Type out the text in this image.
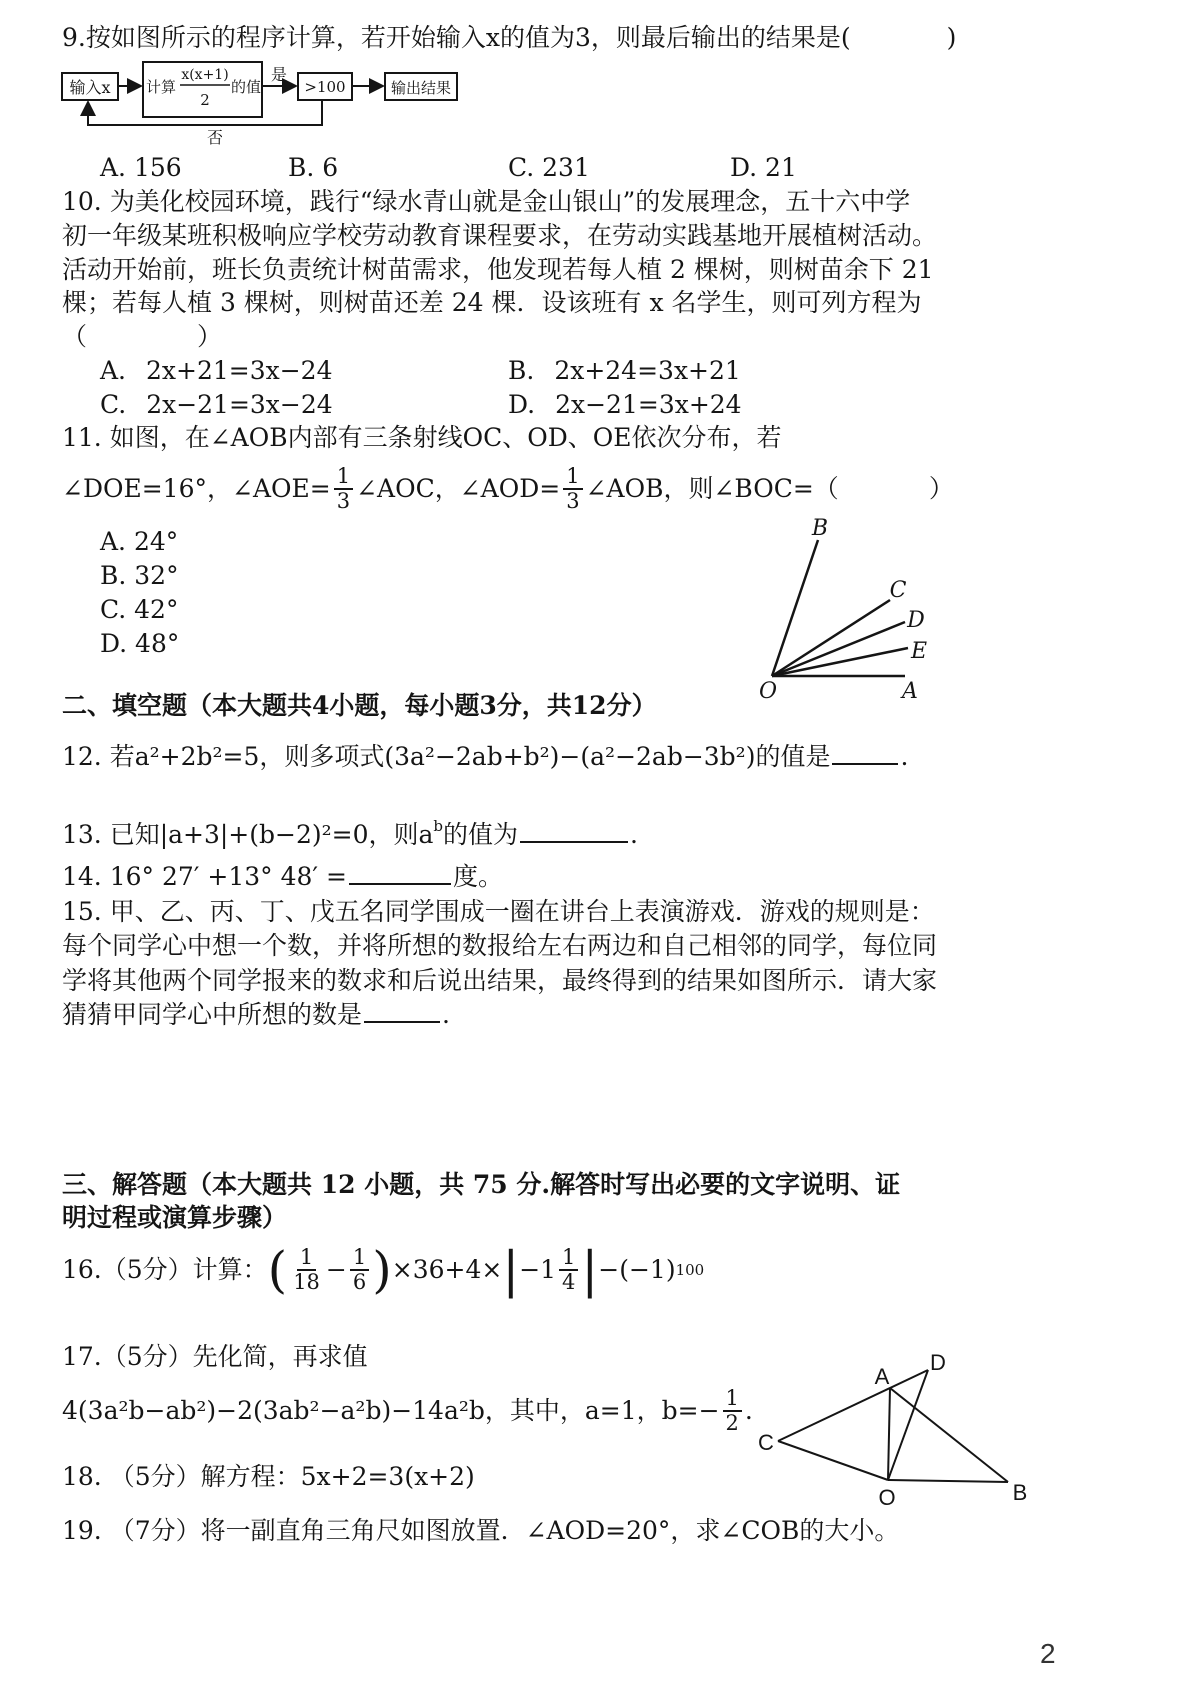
9.按如图所示的程序计算，若开始输入x的值为3，则最后输出的结果是(	)
输入x 计算
x(x+1)
2
的值
是
>100	输出结果
否
A. 156	B. 6	C. 231	D. 21
10. 为美化校园环境，践行“绿水青山就是金山银山”的发展理念，五十六中学
初一年级某班积极响应学校劳动教育课程要求，在劳动实践基地开展植树活动。
活动开始前，班长负责统计树苗需求，他发现若每人植 2 棵树，则树苗余下 21
棵；若每人植 3 棵树，则树苗还差 24 棵．设该班有 x 名学生，则可列方程为
（	）
A. 2x+21=3x−24	B. 2x+24=3x+21
C. 2x−21=3x−24	D. 2x−21=3x+24
11. 如图，在∠AOB内部有三条射线OC、OD、OE依次分布，若
∠DOE=16°，∠AOE= $\frac{1}{3}$ ∠AOC，∠AOD= $\frac{1}{3}$ ∠AOB，则∠BOC=（	）
A. 24°
B. 32°
C. 42°
D. 48°
B
C
D
E
A
O
二、填空题（本大题共4小题，每小题3分，共12分）
12. 若a²+2b²=5，则多项式(3a²−2ab+b²)−(a²−2ab−3b²)的值是	.
13. 已知|a+3|+(b−2)²=0，则$a^b$的值为	.
14. 16° 27′ +13° 48′ =	度。
15. 甲、乙、丙、丁、戊五名同学围成一圈在讲台上表演游戏．游戏的规则是：
每个同学心中想一个数，并将所想的数报给左右两边和自己相邻的同学，每位同
学将其他两个同学报来的数求和后说出结果，最终得到的结果如图所示．请大家
猜猜甲同学心中所想的数是	.
三、解答题（本大题共 12 小题，共 75 分.解答时写出必要的文字说明、证
明过程或演算步骤）
16.（5分）计算： ( $\frac{1}{18} - \frac{1}{6}$ ) ×36+4× | $-1 \frac{1}{4}$ | −(−1) 100
17.（5分）先化简，再求值
4(3a²b−ab²)−2(3ab²−a²b)−14a²b，其中，a=1，$b=- \frac{1}{2}$ .
18. （5分）解方程：5x+2=3(x+2)
19. （7分）将一副直角三角尺如图放置．∠AOD=20°，求∠COB的大小。
A
D
C
O	B
2
